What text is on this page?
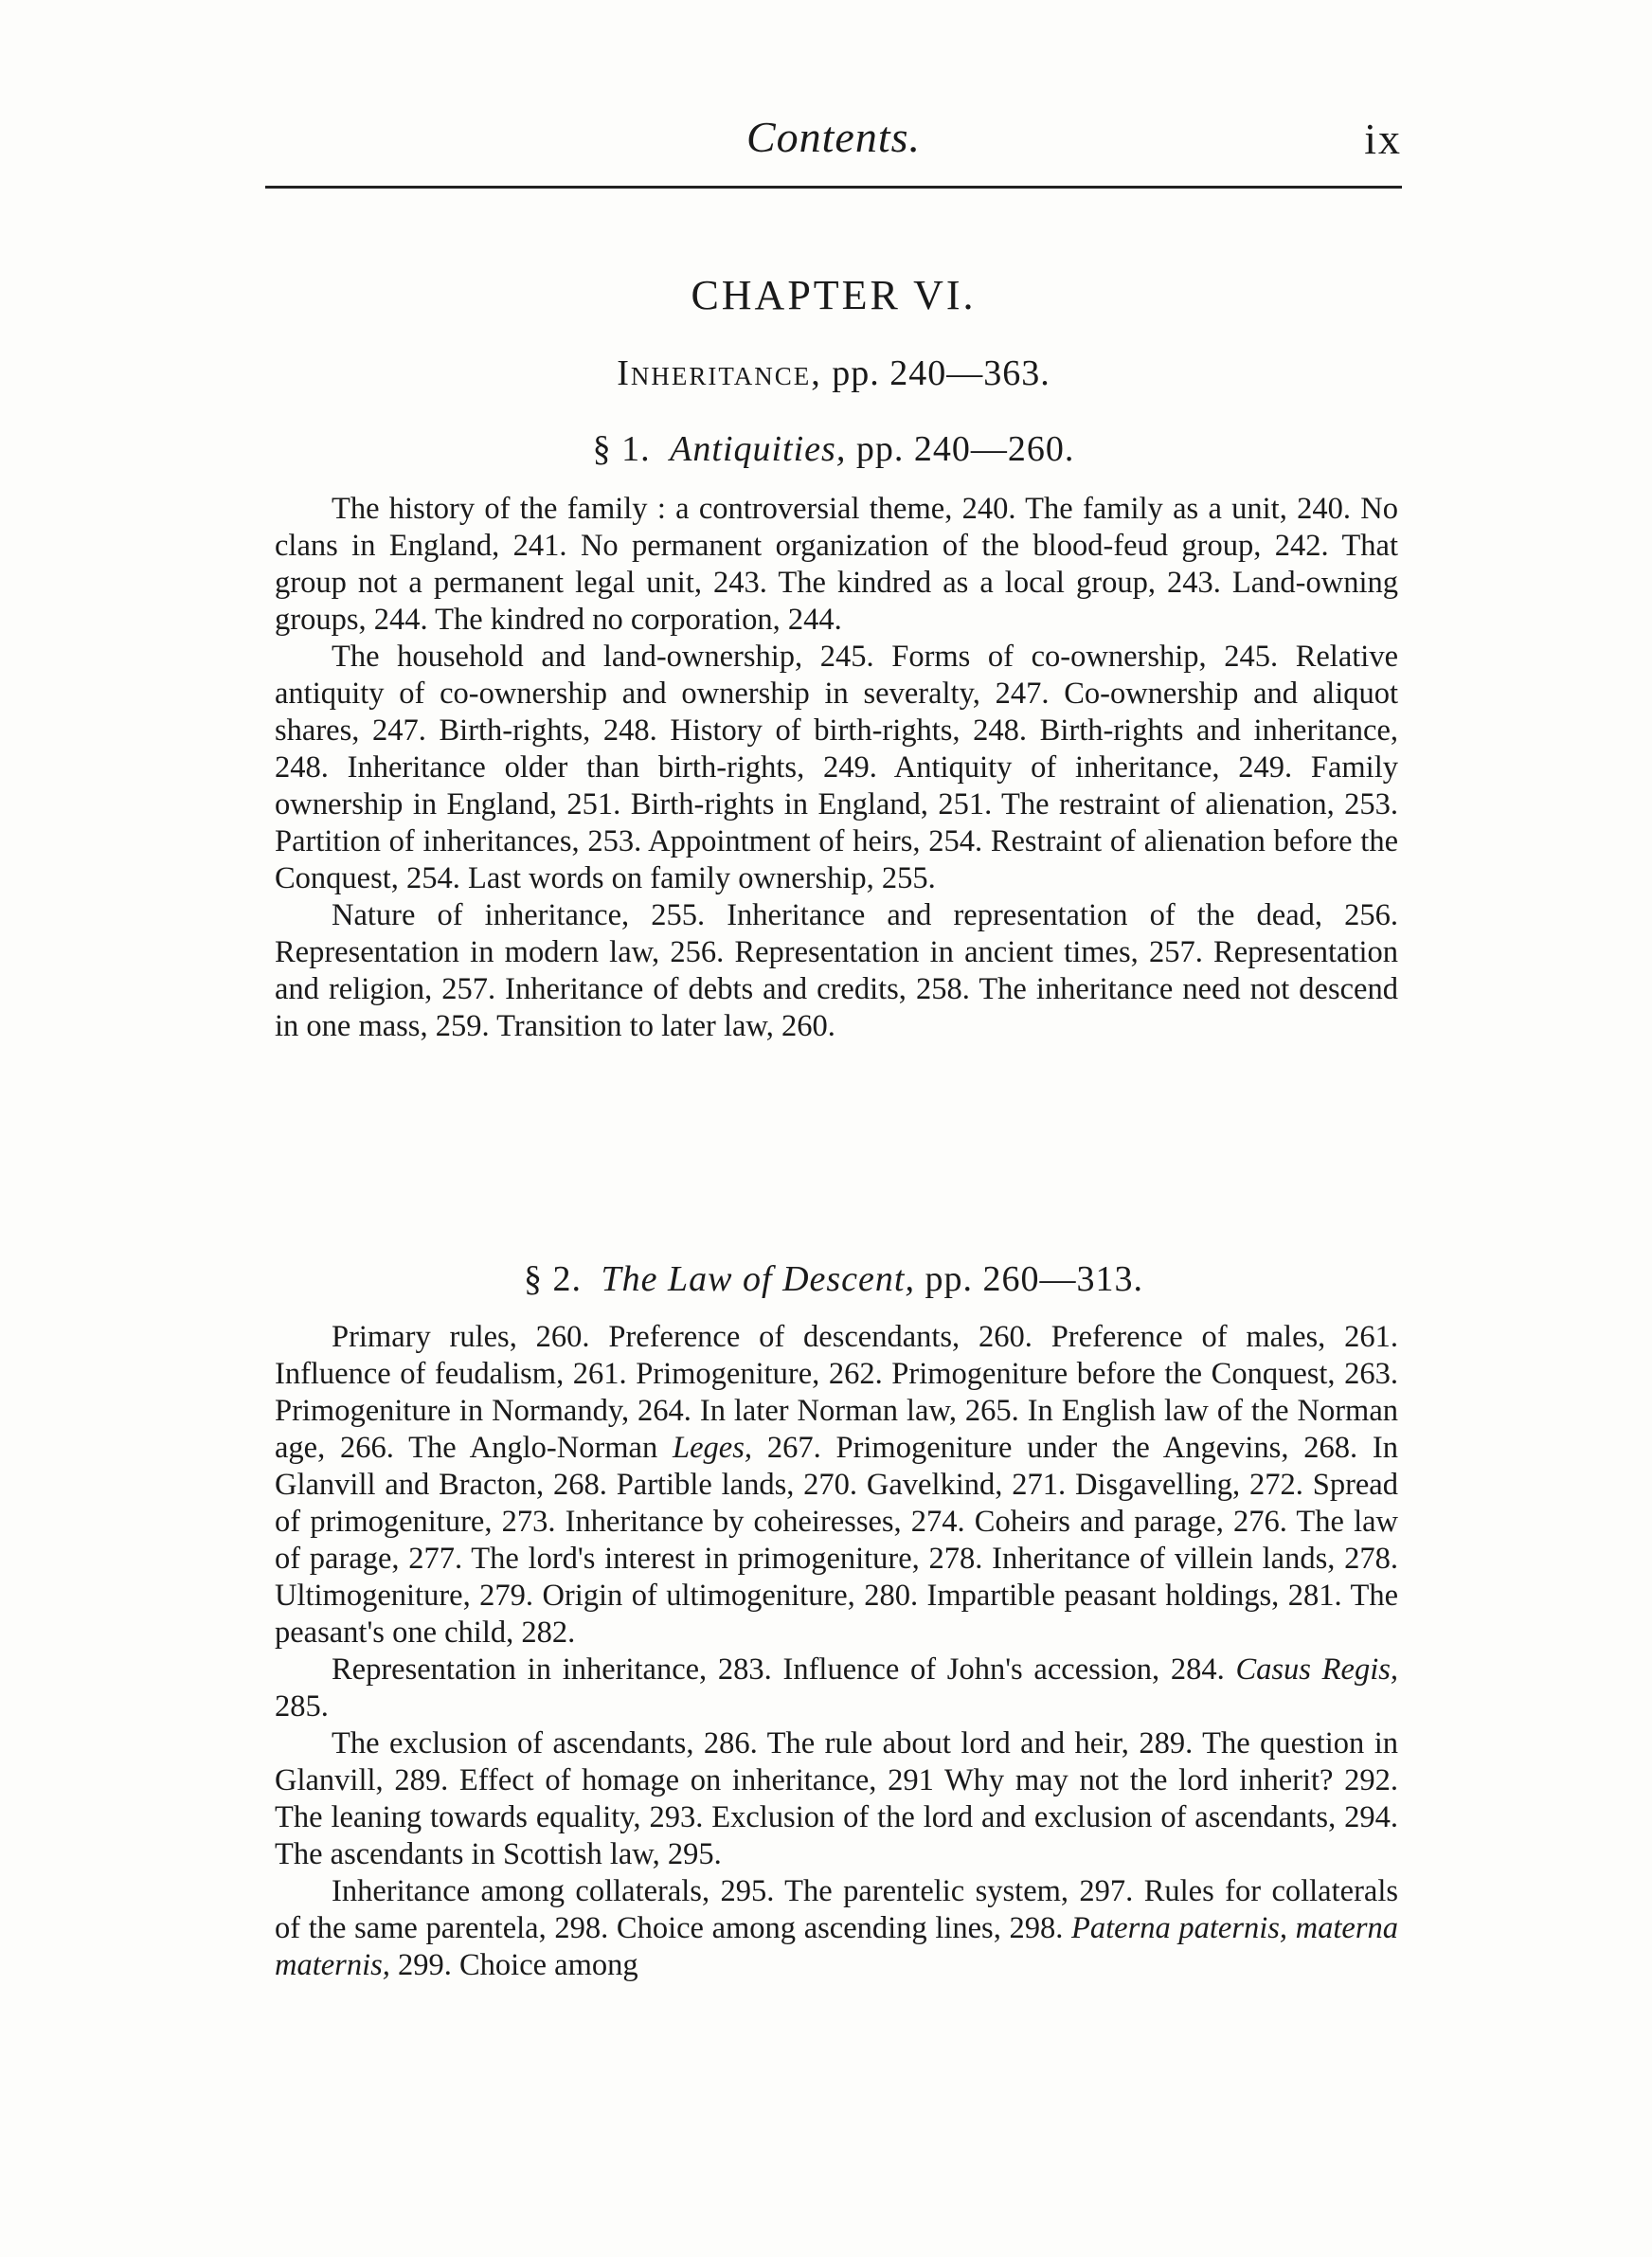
Contents.	ix
CHAPTER VI.
Inheritance, pp. 240—363.
§ 1. Antiquities, pp. 240—260.

The history of the family : a controversial theme, 240. The family as a unit, 240. No clans in England, 241. No permanent organization of the blood-feud group, 242. That group not a permanent legal unit, 243. The kindred as a local group, 243. Land-owning groups, 244. The kindred no corporation, 244.

The household and land-ownership, 245. Forms of co-ownership, 245. Relative antiquity of co-ownership and ownership in severalty, 247. Co-ownership and aliquot shares, 247. Birth-rights, 248. History of birth-rights, 248. Birth-rights and inheritance, 248. Inheritance older than birth-rights, 249. Antiquity of inheritance, 249. Family ownership in England, 251. Birth-rights in England, 251. The restraint of alienation, 253. Partition of inheritances, 253. Appointment of heirs, 254. Restraint of alienation before the Conquest, 254. Last words on family ownership, 255.

Nature of inheritance, 255. Inheritance and representation of the dead, 256. Representation in modern law, 256. Representation in ancient times, 257. Representation and religion, 257. Inheritance of debts and credits, 258. The inheritance need not descend in one mass, 259. Transition to later law, 260.

§ 2. The Law of Descent, pp. 260—313.

Primary rules, 260. Preference of descendants, 260. Preference of males, 261. Influence of feudalism, 261. Primogeniture, 262. Primogeniture before the Conquest, 263. Primogeniture in Normandy, 264. In later Norman law, 265. In English law of the Norman age, 266. The Anglo-Norman Leges, 267. Primogeniture under the Angevins, 268. In Glanvill and Bracton, 268. Partible lands, 270. Gavelkind, 271. Disgavelling, 272. Spread of primogeniture, 273. Inheritance by coheiresses, 274. Coheirs and parage, 276. The law of parage, 277. The lord's interest in primogeniture, 278. Inheritance of villein lands, 278. Ultimogeniture, 279. Origin of ultimogeniture, 280. Impartible peasant holdings, 281. The peasant's one child, 282.

Representation in inheritance, 283. Influence of John's accession, 284. Casus Regis, 285.

The exclusion of ascendants, 286. The rule about lord and heir, 289. The question in Glanvill, 289. Effect of homage on inheritance, 291 Why may not the lord inherit? 292. The leaning towards equality, 293. Exclusion of the lord and exclusion of ascendants, 294. The ascendants in Scottish law, 295.

Inheritance among collaterals, 295. The parentelic system, 297. Rules for collaterals of the same parentela, 298. Choice among ascending lines, 298. Paterna paternis, materna maternis, 299. Choice among
